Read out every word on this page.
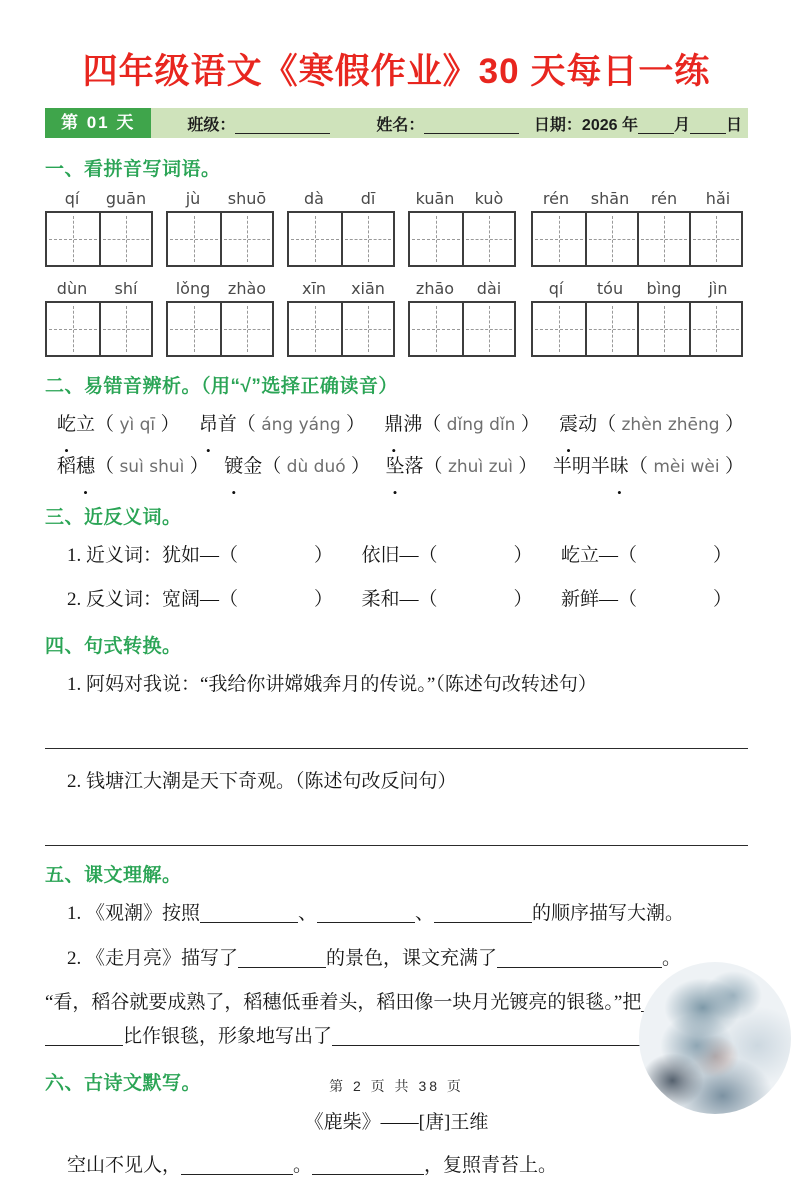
四年级语文《寒假作业》30 天每日一练
第 01 天	班级：	姓名：	日期：2026 年 月 日
一、看拼音写词语。
qí	guān	jù	shuō	dà	dī	kuān	kuò	rén	shān	rén	hǎi
dùn	shí	lǒng	zhào	xīn	xiān	zhāo	dài	qí	tóu	bìng	jìn
二、易错音辨析。（用“√”选择正确读音）
屹立（ yì qī ） 昂首（ áng yáng ） 鼎沸（ dǐng dǐn ） 震动（ zhèn zhēng ）
稻穗（ suì shuì ） 镀金（ dù duó ） 坠落（ zhuì zuì ） 半明半昧（ mèi wèi ）
三、近反义词。

1. 近义词：犹如—（　　　　）　　依旧—（　　　　）　　屹立—（　　　　）

2. 反义词：宽阔—（　　　　）　　柔和—（　　　　）　　新鲜—（　　　　）

四、句式转换。

1. 阿妈对我说：“我给你讲嫦娥奔月的传说。”（陈述句改转述句）

2. 钱塘江大潮是天下奇观。（陈述句改反问句）

五、课文理解。

1. 《观潮》按照	、	、	的顺序描写大潮。

2. 《走月亮》描写了	的景色，课文充满了	。

“看，稻谷就要成熟了，稻穗低垂着头，稻田像一块月光镀亮的银毯。”把
比作银毯，形象地写出了

六、古诗文默写。

《鹿柴》——[唐]王维

空山不见人，	。	，复照青苔上。

第 2 页 共 38 页
